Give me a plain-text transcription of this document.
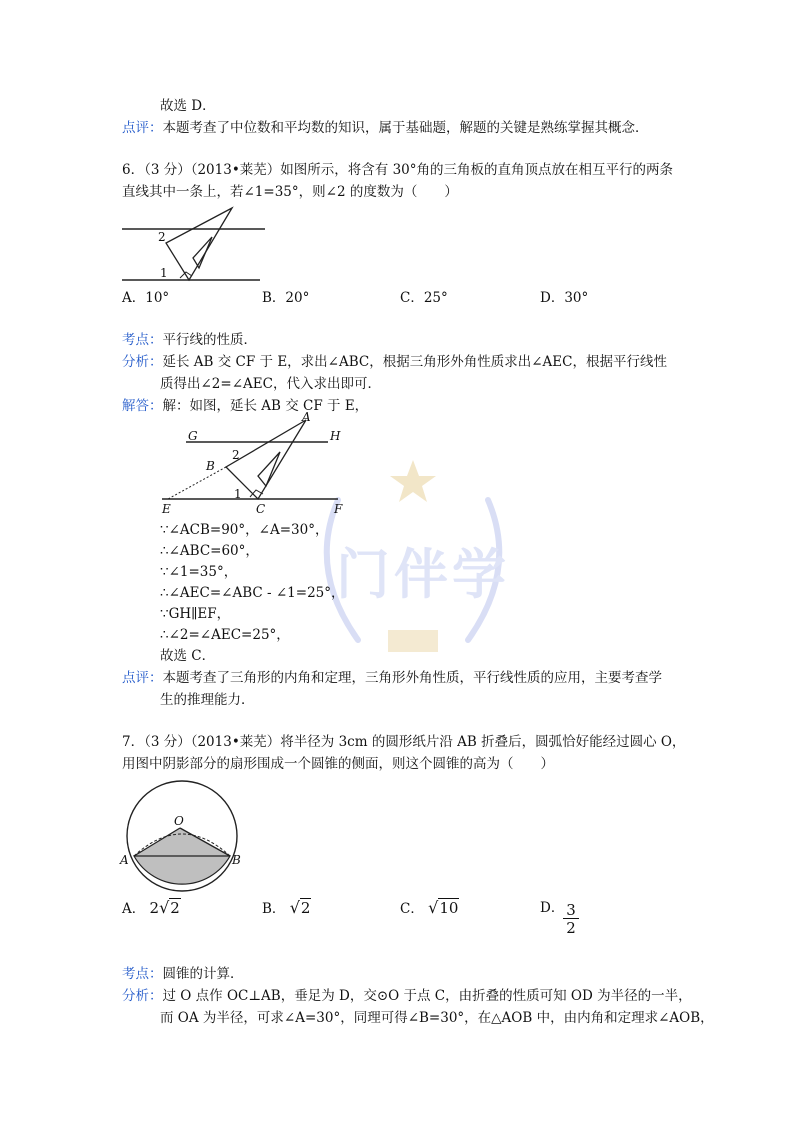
门伴学
故选 D．
点评：本题考查了中位数和平均数的知识，属于基础题，解题的关键是熟练掌握其概念．
6．（3 分）（2013•莱芜）如图所示，将含有 30°角的三角板的直角顶点放在相互平行的两条
直线其中一条上，若∠1=35°，则∠2 的度数为（　　）
2
1
A．10°	B．20°	C．25°	D．30°
考点：平行线的性质．
分析：延长 AB 交 CF 于 E，求出∠ABC，根据三角形外角性质求出∠AEC，根据平行线性
质得出∠2=∠AEC，代入求出即可．
解答：解：如图，延长 AB 交 CF 于 E，
G	H
A
B
C
E	F
2
1
∵∠ACB=90°，∠A=30°，
∴∠ABC=60°，
∵∠1=35°，
∴∠AEC=∠ABC - ∠1=25°，
∵GH∥EF，
∴∠2=∠AEC=25°，
故选 C．
点评：本题考查了三角形的内角和定理，三角形外角性质，平行线性质的应用，主要考查学
生的推理能力．
7．（3 分）（2013•莱芜）将半径为 3cm 的圆形纸片沿 AB 折叠后，圆弧恰好能经过圆心 O，
用图中阴影部分的扇形围成一个圆锥的侧面，则这个圆锥的高为（　　）
O
A	B
A． 2√2	B． √2	C． √10	D．
$\frac{3}{2}$
考点：圆锥的计算．
分析：过 O 点作 OC⊥AB，垂足为 D，交⊙O 于点 C，由折叠的性质可知 OD 为半径的一半，
而 OA 为半径，可求∠A=30°，同理可得∠B=30°，在△AOB 中，由内角和定理求∠AOB，
